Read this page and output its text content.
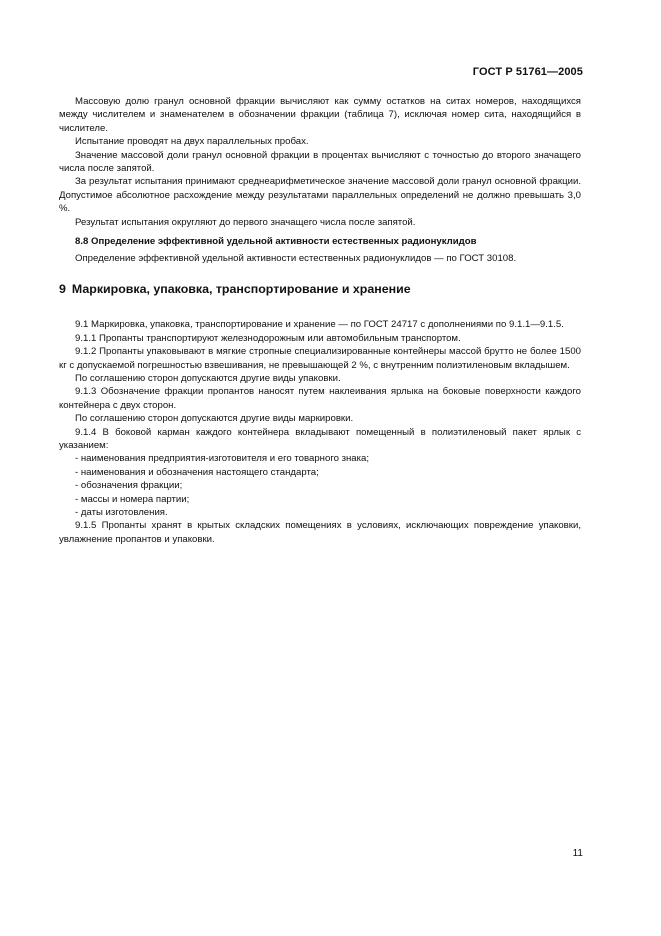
ГОСТ Р 51761—2005

Массовую долю гранул основной фракции вычисляют как сумму остатков на ситах номеров, находящихся между числителем и знаменателем в обозначении фракции (таблица 7), исключая номер сита, находящийся в числителе.

Испытание проводят на двух параллельных пробах.

Значение массовой доли гранул основной фракции в процентах вычисляют с точностью до второго значащего числа после запятой.

За результат испытания принимают среднеарифметическое значение массовой доли гранул основной фракции. Допустимое абсолютное расхождение между результатами параллельных определений не должно превышать 3,0 %.

Результат испытания округляют до первого значащего числа после запятой.

8.8 Определение эффективной удельной активности естественных радионуклидов

Определение эффективной удельной активности естественных радионуклидов — по ГОСТ 30108.

9 Маркировка, упаковка, транспортирование и хранение

9.1 Маркировка, упаковка, транспортирование и хранение — по ГОСТ 24717 с дополнениями по 9.1.1—9.1.5.

9.1.1 Пропанты транспортируют железнодорожным или автомобильным транспортом.

9.1.2 Пропанты упаковывают в мягкие стропные специализированные контейнеры массой брутто не более 1500 кг с допускаемой погрешностью взвешивания, не превышающей 2 %, с внутренним полиэтиленовым вкладышем.

По соглашению сторон допускаются другие виды упаковки.

9.1.3 Обозначение фракции пропантов наносят путем наклеивания ярлыка на боковые поверхности каждого контейнера с двух сторон.

По соглашению сторон допускаются другие виды маркировки.

9.1.4 В боковой карман каждого контейнера вкладывают помещенный в полиэтиленовый пакет ярлык с указанием:

- наименования предприятия-изготовителя и его товарного знака;

- наименования и обозначения настоящего стандарта;

- обозначения фракции;

- массы и номера партии;

- даты изготовления.

9.1.5 Пропанты хранят в крытых складских помещениях в условиях, исключающих повреждение упаковки, увлажнение пропантов и упаковки.

11
